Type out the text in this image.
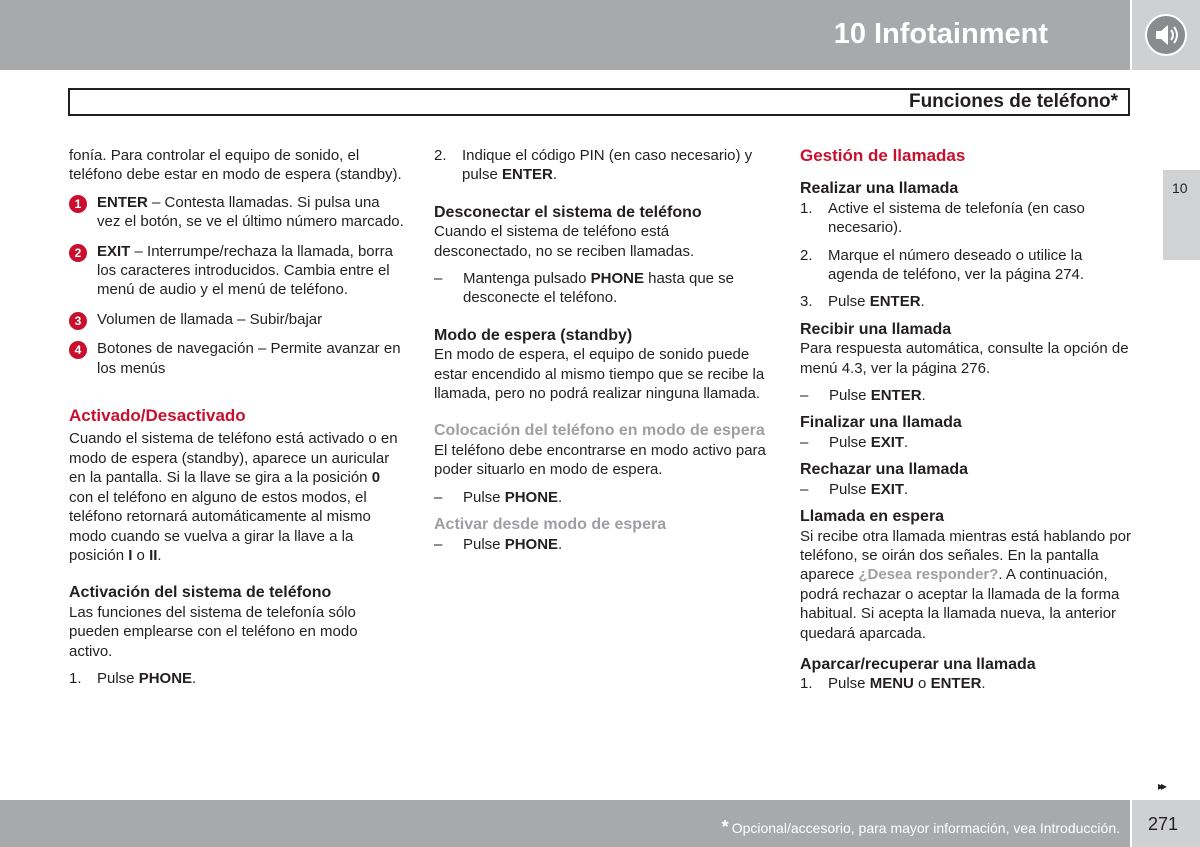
10 Infotainment
Funciones de teléfono*
10

fonía. Para controlar el equipo de sonido, el teléfono debe estar en modo de espera (standby).

1	ENTER – Contesta llamadas. Si pulsa una vez el botón, se ve el último número marcado.
2	EXIT – Interrumpe/rechaza la llamada, borra los caracteres introducidos. Cambia entre el menú de audio y el menú de teléfono.
3	Volumen de llamada – Subir/bajar
4	Botones de navegación – Permite avanzar en los menús

Activado/Desactivado

Cuando el sistema de teléfono está activado o en modo de espera (standby), aparece un auricular en la pantalla. Si la llave se gira a la posición 0 con el teléfono en alguno de estos modos, el teléfono retornará automáticamente al mismo modo cuando se vuelva a girar la llave a la posición I o II.

Activación del sistema de teléfono

Las funciones del sistema de telefonía sólo pueden emplearse con el teléfono en modo activo.

1. Pulse PHONE.
2. Indique el código PIN (en caso necesario) y pulse ENTER.

Desconectar el sistema de teléfono

Cuando el sistema de teléfono está desconectado, no se reciben llamadas.

– Mantenga pulsado PHONE hasta que se desconecte el teléfono.

Modo de espera (standby)

En modo de espera, el equipo de sonido puede estar encendido al mismo tiempo que se recibe la llamada, pero no podrá realizar ninguna llamada.

Colocación del teléfono en modo de espera

El teléfono debe encontrarse en modo activo para poder situarlo en modo de espera.

– Pulse PHONE.

Activar desde modo de espera

– Pulse PHONE.

Gestión de llamadas

Realizar una llamada

1. Active el sistema de telefonía (en caso necesario).
2. Marque el número deseado o utilice la agenda de teléfono, ver la página 274.
3. Pulse ENTER.

Recibir una llamada

Para respuesta automática, consulte la opción de menú 4.3, ver la página 276.

– Pulse ENTER.

Finalizar una llamada

– Pulse EXIT.

Rechazar una llamada

– Pulse EXIT.

Llamada en espera

Si recibe otra llamada mientras está hablando por teléfono, se oirán dos señales. En la pantalla aparece ¿Desea responder?. A continuación, podrá rechazar o aceptar la llamada de la forma habitual. Si acepta la llamada nueva, la anterior quedará aparcada.

Aparcar/recuperar una llamada

1. Pulse MENU o ENTER.
▸▸
* Opcional/accesorio, para mayor información, vea Introducción. 271
